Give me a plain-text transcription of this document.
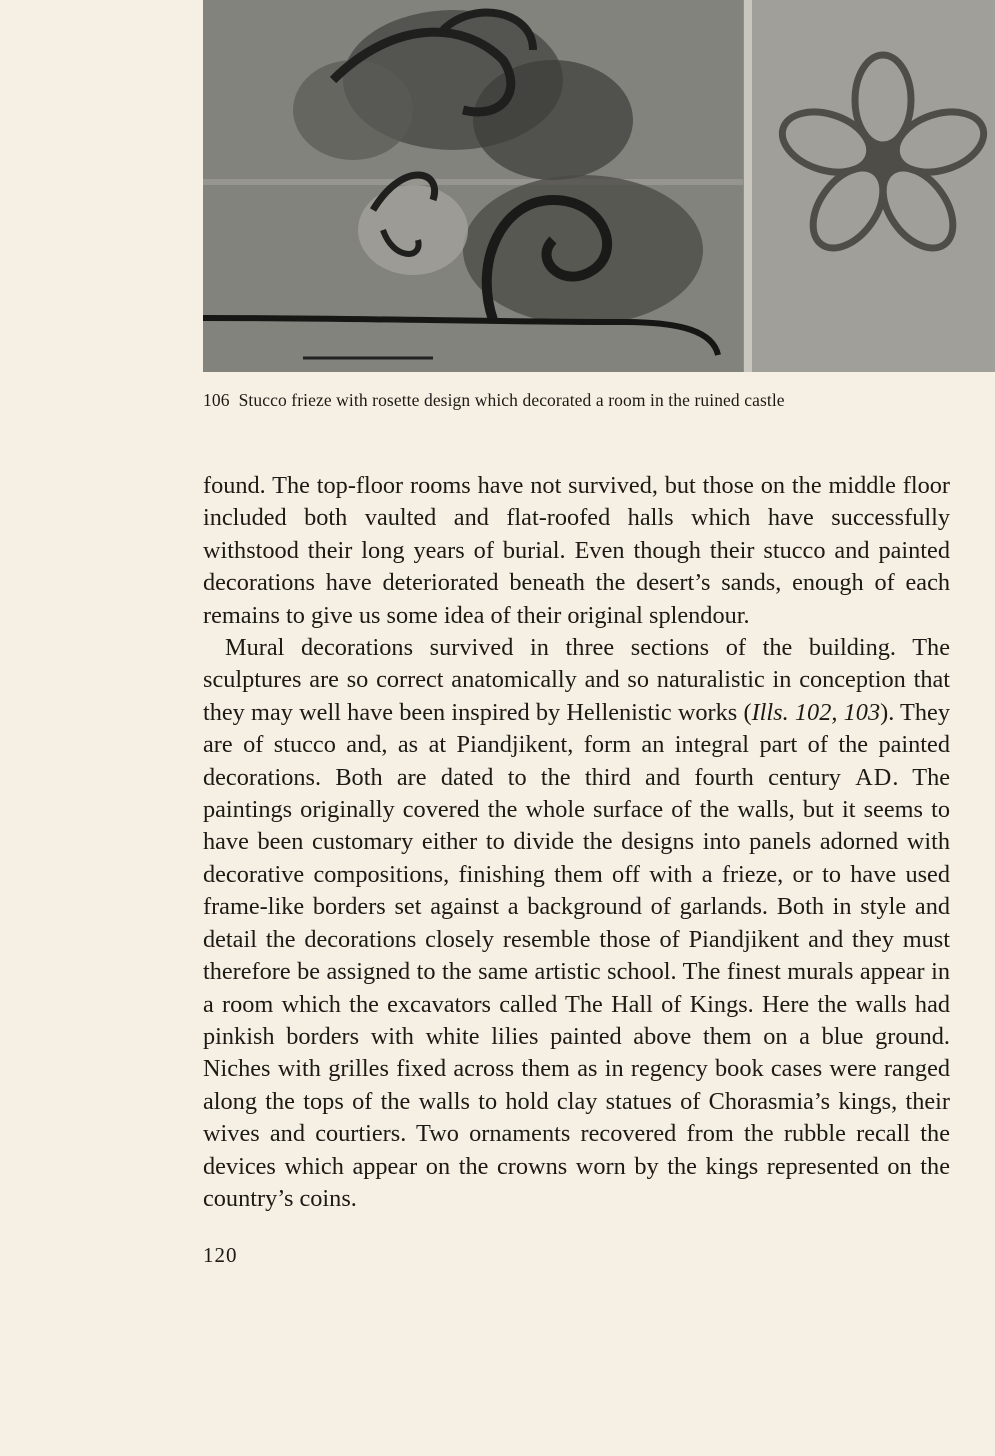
106 Stucco frieze with rosette design which decorated a room in the ruined castle

found. The top-floor rooms have not survived, but those on the middle floor included both vaulted and flat-roofed halls which have successfully withstood their long years of burial. Even though their stucco and painted decorations have deteriorated beneath the desert’s sands, enough of each remains to give us some idea of their original splendour.

Mural decorations survived in three sections of the building. The sculptures are so correct anatomically and so naturalistic in conception that they may well have been inspired by Hellenistic works (Ills. 102, 103). They are of stucco and, as at Piandjikent, form an integral part of the painted decorations. Both are dated to the third and fourth century AD. The paintings originally covered the whole surface of the walls, but it seems to have been customary either to divide the designs into panels adorned with decorative compositions, finishing them off with a frieze, or to have used frame-like borders set against a background of garlands. Both in style and detail the decorations closely resemble those of Piandjikent and they must therefore be assigned to the same artistic school. The finest murals appear in a room which the excavators called The Hall of Kings. Here the walls had pinkish borders with white lilies painted above them on a blue ground. Niches with grilles fixed across them as in regency book cases were ranged along the tops of the walls to hold clay statues of Chorasmia’s kings, their wives and courtiers. Two ornaments recovered from the rubble recall the devices which appear on the crowns worn by the kings represented on the country’s coins.

120
